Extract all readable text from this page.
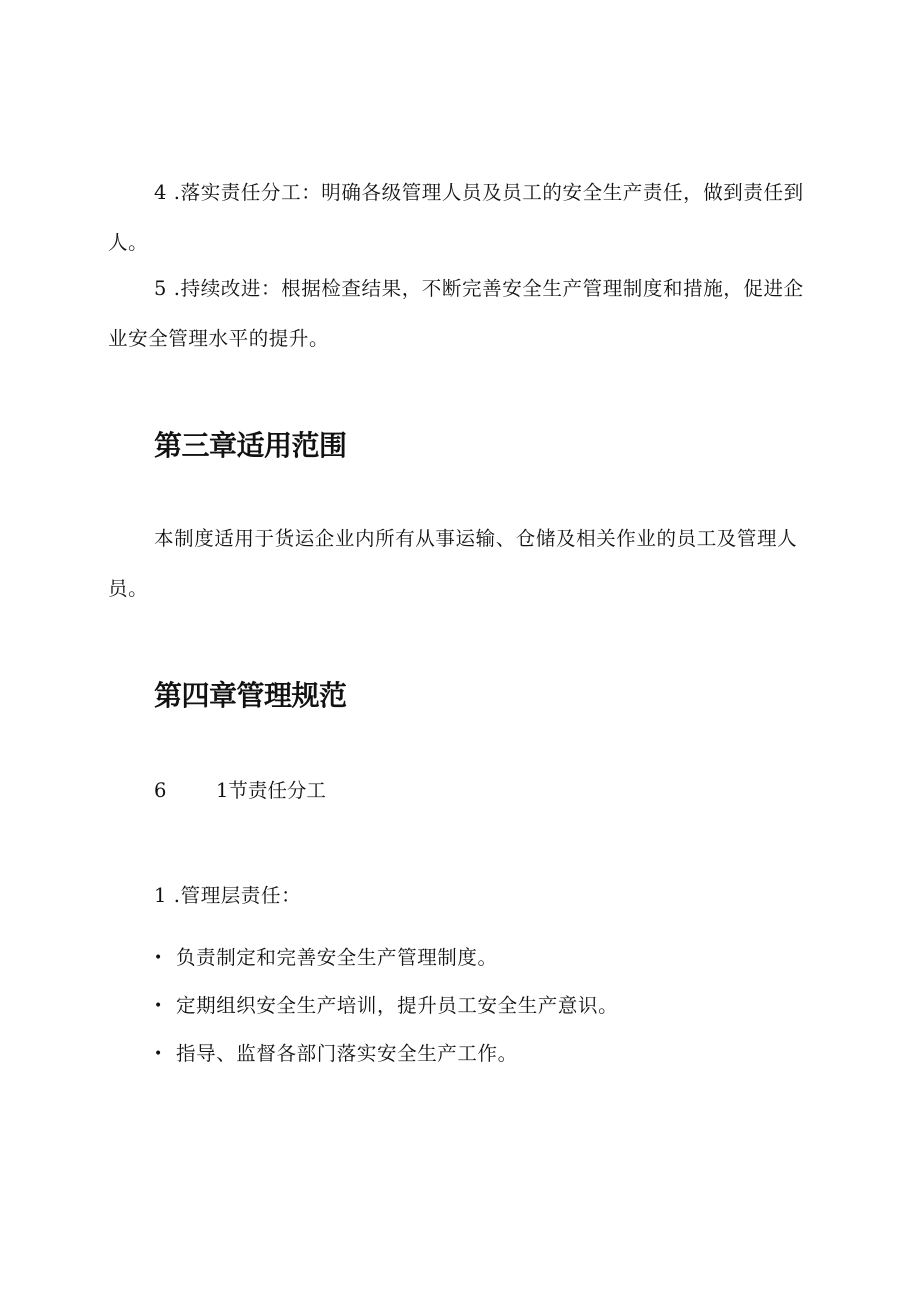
4 .落实责任分工：明确各级管理人员及员工的安全生产责任，做到责任到人。

5 .持续改进：根据检查结果，不断完善安全生产管理制度和措施，促进企业安全管理水平的提升。

第三章适用范围

本制度适用于货运企业内所有从事运输、仓储及相关作业的员工及管理人员。

第四章管理规范

6	1节责任分工

1 .管理层责任：

• 负责制定和完善安全生产管理制度。
• 定期组织安全生产培训，提升员工安全生产意识。
• 指导、监督各部门落实安全生产工作。
